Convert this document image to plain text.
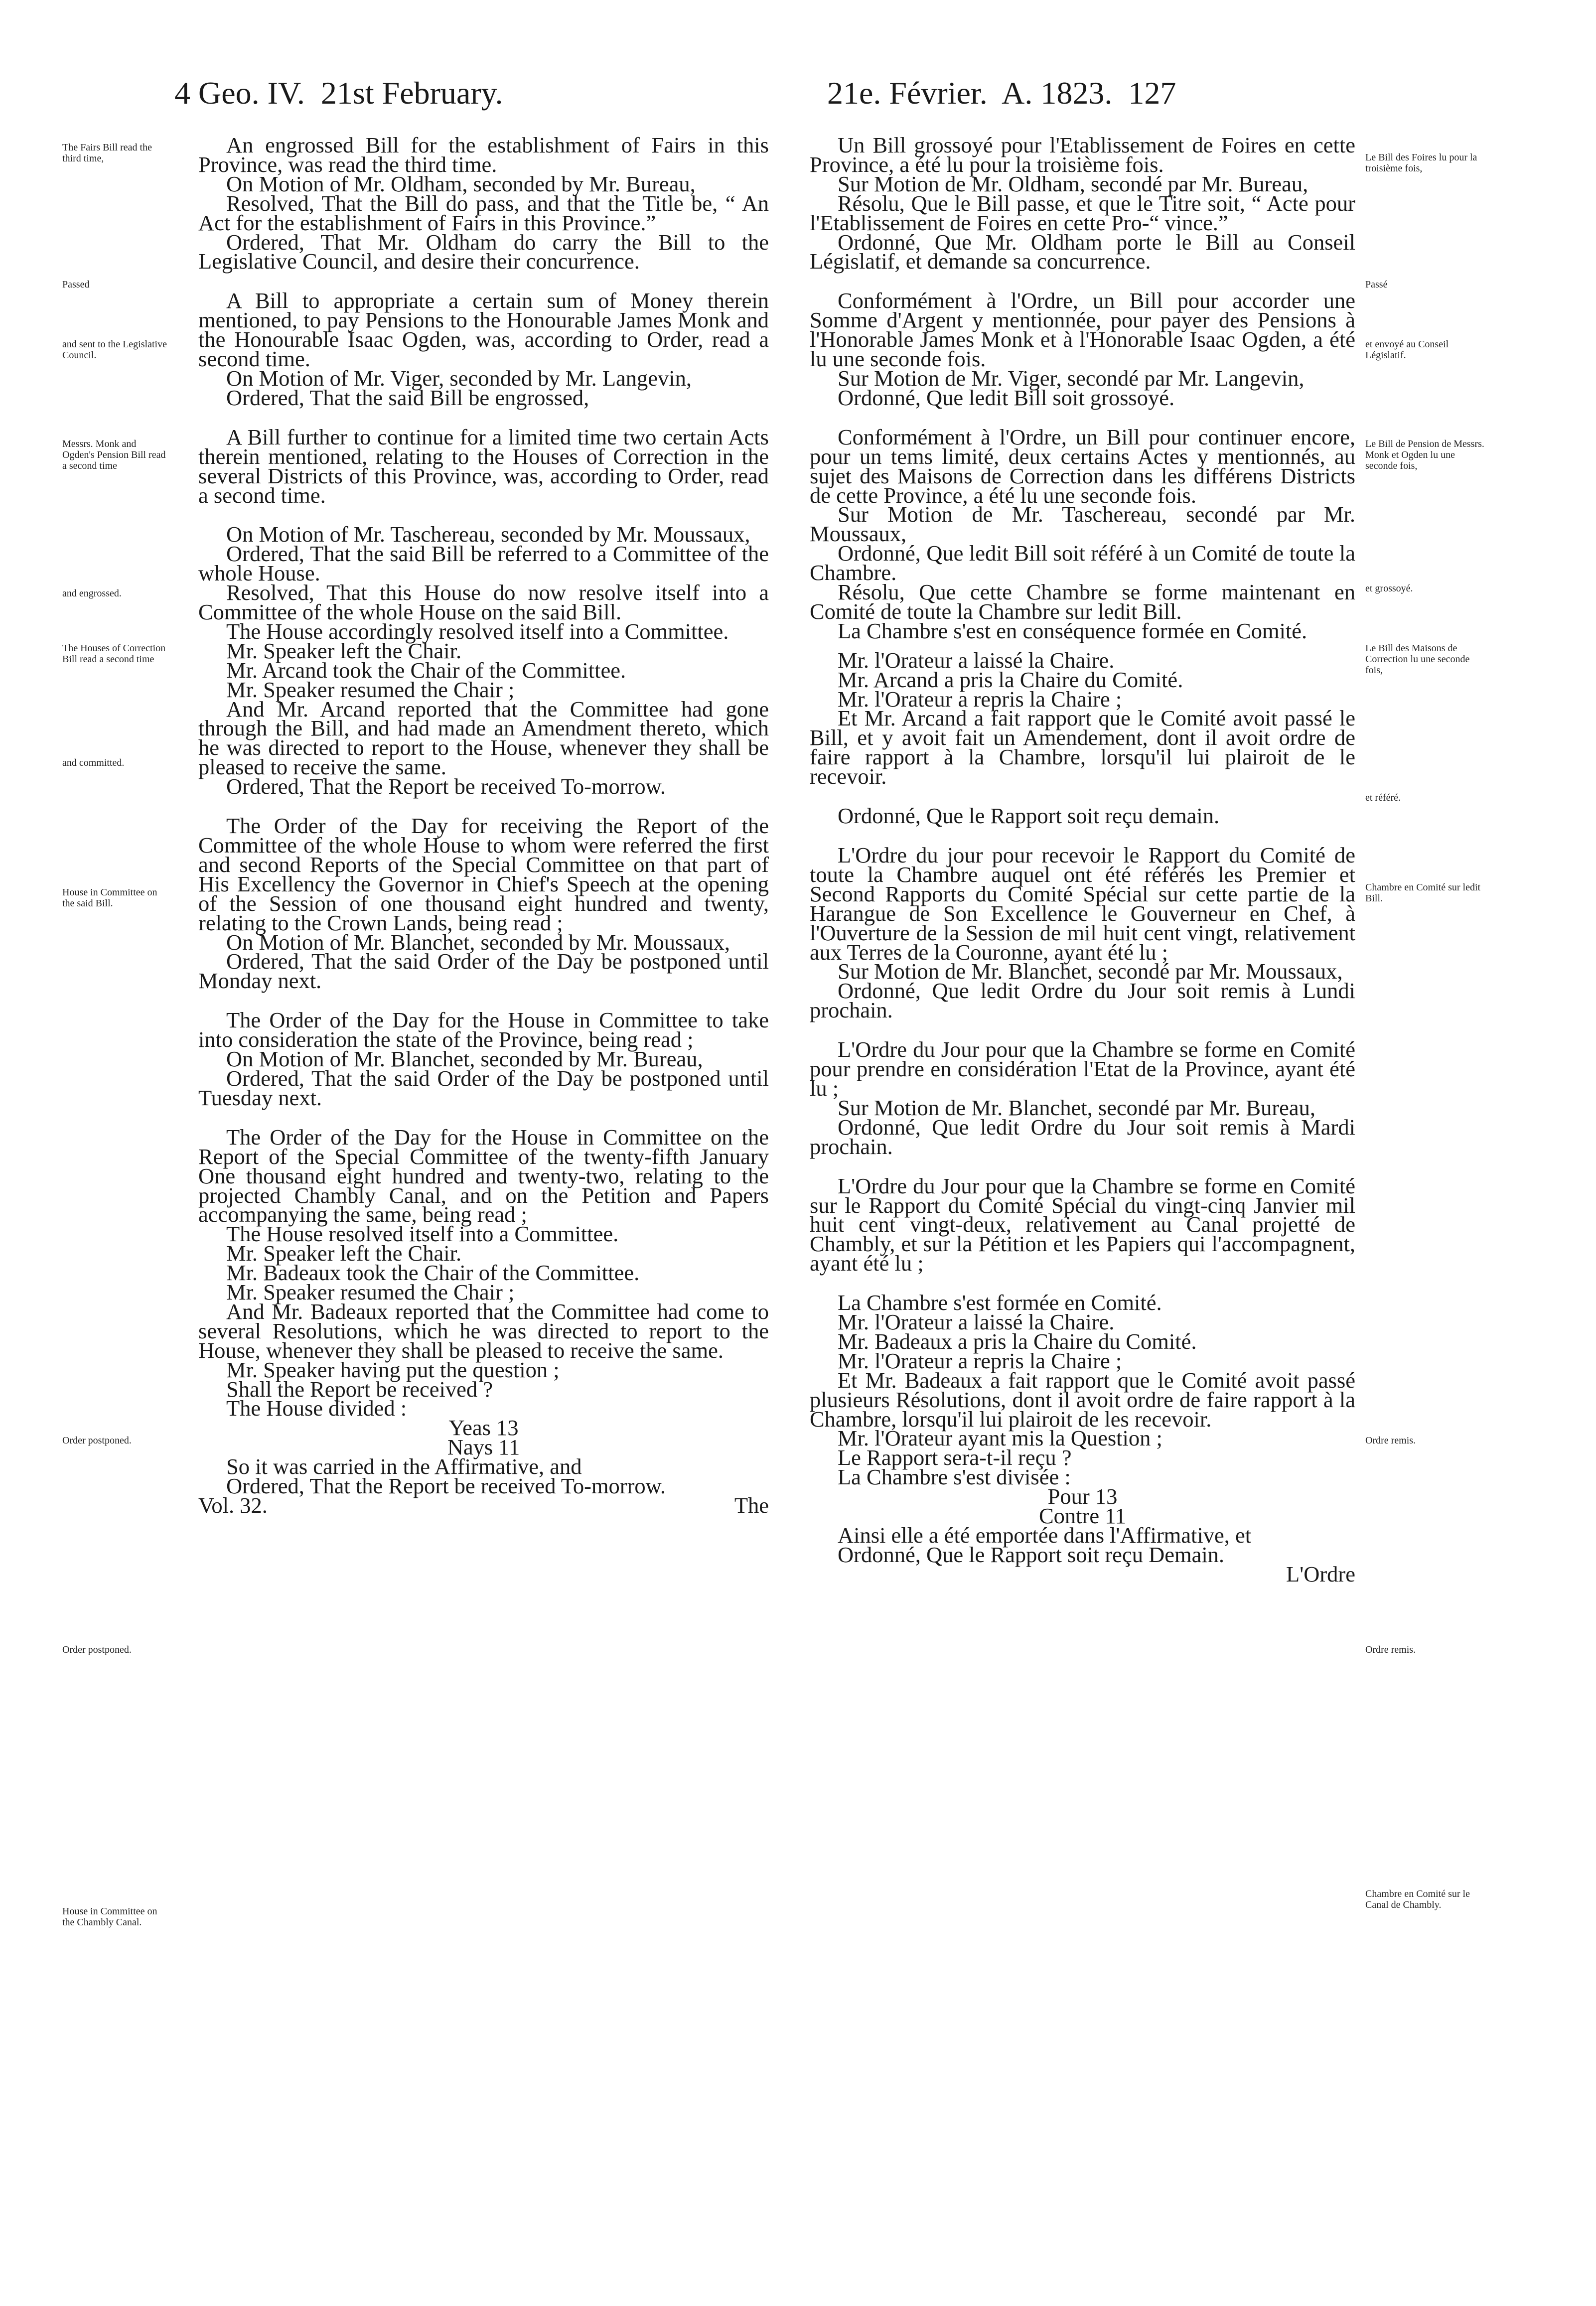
4 Geo. IV.  21st February.	21e. Février.  A. 1823.  127

An engrossed Bill for the establishment of Fairs in this Province, was read the third time.

On Motion of Mr. Oldham, seconded by Mr. Bureau,

Resolved, That the Bill do pass, and that the Title be, “ An Act for the establishment of Fairs in this Province.”

Ordered, That Mr. Oldham do carry the Bill to the Legislative Council, and desire their concurrence.

A Bill to appropriate a certain sum of Money therein mentioned, to pay Pensions to the Honourable James Monk and the Honourable Isaac Ogden, was, according to Order, read a second time.

On Motion of Mr. Viger, seconded by Mr. Langevin,

Ordered, That the said Bill be engrossed,

A Bill further to continue for a limited time two certain Acts therein mentioned, relating to the Houses of Correction in the several Districts of this Province, was, according to Order, read a second time.

On Motion of Mr. Taschereau, seconded by Mr. Moussaux,

Ordered, That the said Bill be referred to a Committee of the whole House.

Resolved, That this House do now resolve itself into a Committee of the whole House on the said Bill.

The House accordingly resolved itself into a Committee.

Mr. Speaker left the Chair.

Mr. Arcand took the Chair of the Committee.

Mr. Speaker resumed the Chair ;

And Mr. Arcand reported that the Committee had gone through the Bill, and had made an Amendment thereto, which he was directed to report to the House, whenever they shall be pleased to receive the same.

Ordered, That the Report be received To-morrow.

The Order of the Day for receiving the Report of the Committee of the whole House to whom were referred the first and second Reports of the Special Committee on that part of His Excellency the Governor in Chief's Speech at the opening of the Session of one thousand eight hundred and twenty, relating to the Crown Lands, being read ;

On Motion of Mr. Blanchet, seconded by Mr. Moussaux,

Ordered, That the said Order of the Day be postponed until Monday next.

The Order of the Day for the House in Committee to take into consideration the state of the Province, being read ;

On Motion of Mr. Blanchet, seconded by Mr. Bureau,

Ordered, That the said Order of the Day be postponed until Tuesday next.

The Order of the Day for the House in Committee on the Report of the Special Committee of the twenty-fifth January One thousand eight hundred and twenty-two, relating to the projected Chambly Canal, and on the Petition and Papers accompanying the same, being read ;

The House resolved itself into a Committee.

Mr. Speaker left the Chair.

Mr. Badeaux took the Chair of the Committee.

Mr. Speaker resumed the Chair ;

And Mr. Badeaux reported that the Committee had come to several Resolutions, which he was directed to report to the House, whenever they shall be pleased to receive the same.

Mr. Speaker having put the question ;

Shall the Report be received ?

The House divided :

Yeas 13

Nays 11

So it was carried in the Affirmative, and

Ordered, That the Report be received To-morrow.

Vol. 32.	The

Un Bill grossoyé pour l'Etablissement de Foires en cette Province, a été lu pour la troisième fois.

Sur Motion de Mr. Oldham, secondé par Mr. Bureau,

Résolu, Que le Bill passe, et que le Titre soit, “ Acte pour l'Etablissement de Foires en cette Pro-“ vince.”

Ordonné, Que Mr. Oldham porte le Bill au Conseil Législatif, et demande sa concurrence.

Conformément à l'Ordre, un Bill pour accorder une Somme d'Argent y mentionnée, pour payer des Pensions à l'Honorable James Monk et à l'Honorable Isaac Ogden, a été lu une seconde fois.

Sur Motion de Mr. Viger, secondé par Mr. Langevin,

Ordonné, Que ledit Bill soit grossoyé.

Conformément à l'Ordre, un Bill pour continuer encore, pour un tems limité, deux certains Actes y mentionnés, au sujet des Maisons de Correction dans les différens Districts de cette Province, a été lu une seconde fois.

Sur Motion de Mr. Taschereau, secondé par Mr. Moussaux,

Ordonné, Que ledit Bill soit référé à un Comité de toute la Chambre.

Résolu, Que cette Chambre se forme maintenant en Comité de toute la Chambre sur ledit Bill.

La Chambre s'est en conséquence formée en Comité.

Mr. l'Orateur a laissé la Chaire.

Mr. Arcand a pris la Chaire du Comité.

Mr. l'Orateur a repris la Chaire ;

Et Mr. Arcand a fait rapport que le Comité avoit passé le Bill, et y avoit fait un Amendement, dont il avoit ordre de faire rapport à la Chambre, lorsqu'il lui plairoit de le recevoir.

Ordonné, Que le Rapport soit reçu demain.

L'Ordre du jour pour recevoir le Rapport du Comité de toute la Chambre auquel ont été référés les Premier et Second Rapports du Comité Spécial sur cette partie de la Harangue de Son Excellence le Gouverneur en Chef, à l'Ouverture de la Session de mil huit cent vingt, relativement aux Terres de la Couronne, ayant été lu ;

Sur Motion de Mr. Blanchet, secondé par Mr. Moussaux,

Ordonné, Que ledit Ordre du Jour soit remis à Lundi prochain.

L'Ordre du Jour pour que la Chambre se forme en Comité pour prendre en considération l'Etat de la Province, ayant été lu ;

Sur Motion de Mr. Blanchet, secondé par Mr. Bureau,

Ordonné, Que ledit Ordre du Jour soit remis à Mardi prochain.

L'Ordre du Jour pour que la Chambre se forme en Comité sur le Rapport du Comité Spécial du vingt-cinq Janvier mil huit cent vingt-deux, relativement au Canal projetté de Chambly, et sur la Pétition et les Papiers qui l'accompagnent, ayant été lu ;

La Chambre s'est formée en Comité.

Mr. l'Orateur a laissé la Chaire.

Mr. Badeaux a pris la Chaire du Comité.

Mr. l'Orateur a repris la Chaire ;

Et Mr. Badeaux a fait rapport que le Comité avoit passé plusieurs Résolutions, dont il avoit ordre de faire rapport à la Chambre, lorsqu'il lui plairoit de les recevoir.

Mr. l'Orateur ayant mis la Question ;

Le Rapport sera-t-il reçu ?

La Chambre s'est divisée :

Pour 13

Contre 11

Ainsi elle a été emportée dans l'Affirmative, et

Ordonné, Que le Rapport soit reçu Demain.

L'Ordre

The Fairs Bill read the third time,
Passed
and sent to the Legislative Council.
Messrs. Monk and Ogden's Pension Bill read a second time
and engrossed.
The Houses of Correction Bill read a second time
and committed.
House in Committee on the said Bill.
Order postponed.
Order postponed.
House in Committee on the Chambly Canal.
Le Bill des Foires lu pour la troisième fois,
Passé
et envoyé au Conseil Législatif.
Le Bill de Pension de Messrs. Monk et Ogden lu une seconde fois,
et grossoyé.
Le Bill des Maisons de Correction lu une seconde fois,
et référé.
Chambre en Comité sur ledit Bill.
Ordre remis.
Ordre remis.
Chambre en Comité sur le Canal de Chambly.
